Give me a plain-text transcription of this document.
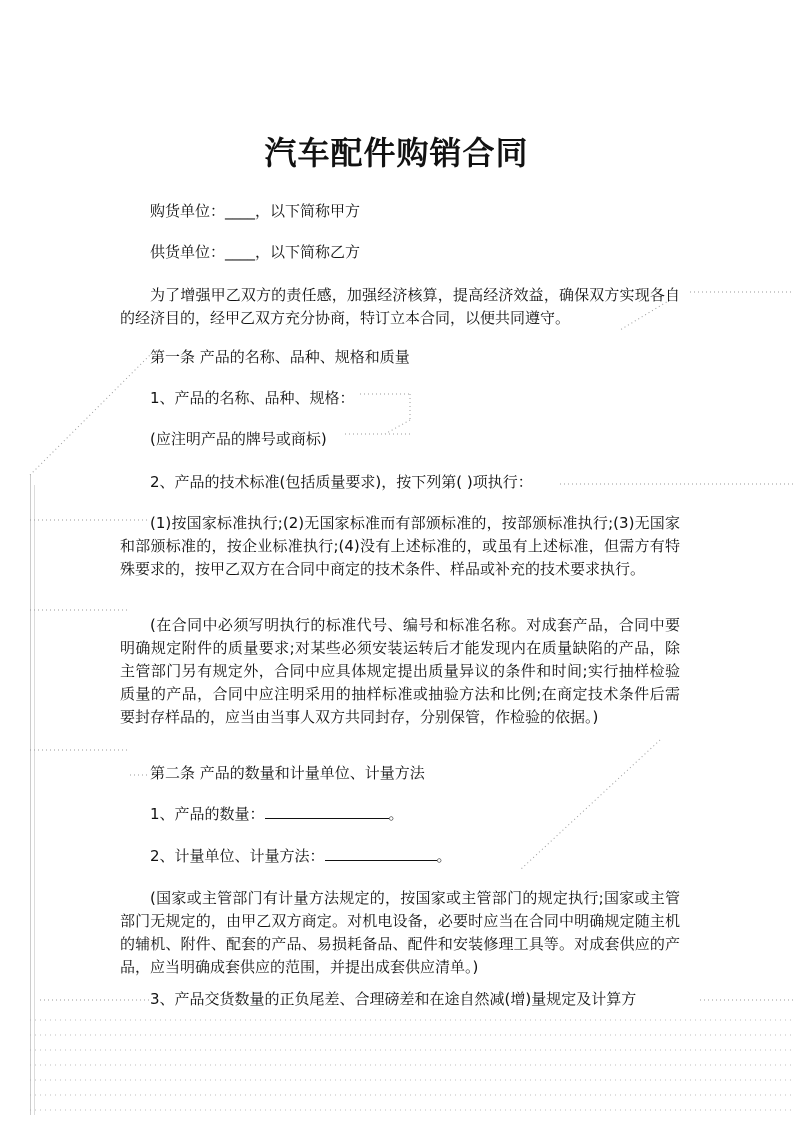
汽车配件购销合同

购货单位：____，以下简称甲方

供货单位：____，以下简称乙方

为了增强甲乙双方的责任感，加强经济核算，提高经济效益，确保双方实现各自的经济目的，经甲乙双方充分协商，特订立本合同，以便共同遵守。

第一条 产品的名称、品种、规格和质量

1、产品的名称、品种、规格：

(应注明产品的牌号或商标)

2、产品的技术标准(包括质量要求)，按下列第( )项执行：

(1)按国家标准执行;(2)无国家标准而有部颁标准的，按部颁标准执行;(3)无国家和部颁标准的，按企业标准执行;(4)没有上述标准的，或虽有上述标准，但需方有特殊要求的，按甲乙双方在合同中商定的技术条件、样品或补充的技术要求执行。

(在合同中必须写明执行的标准代号、编号和标准名称。对成套产品，合同中要明确规定附件的质量要求;对某些必须安装运转后才能发现内在质量缺陷的产品，除主管部门另有规定外，合同中应具体规定提出质量异议的条件和时间;实行抽样检验质量的产品，合同中应注明采用的抽样标准或抽验方法和比例;在商定技术条件后需要封存样品的，应当由当事人双方共同封存，分别保管，作检验的依据。)

第二条 产品的数量和计量单位、计量方法

1、产品的数量：	。

2、计量单位、计量方法：	。

(国家或主管部门有计量方法规定的，按国家或主管部门的规定执行;国家或主管部门无规定的，由甲乙双方商定。对机电设备，必要时应当在合同中明确规定随主机的辅机、附件、配套的产品、易损耗备品、配件和安装修理工具等。对成套供应的产品，应当明确成套供应的范围，并提出成套供应清单。)

3、产品交货数量的正负尾差、合理磅差和在途自然减(增)量规定及计算方
